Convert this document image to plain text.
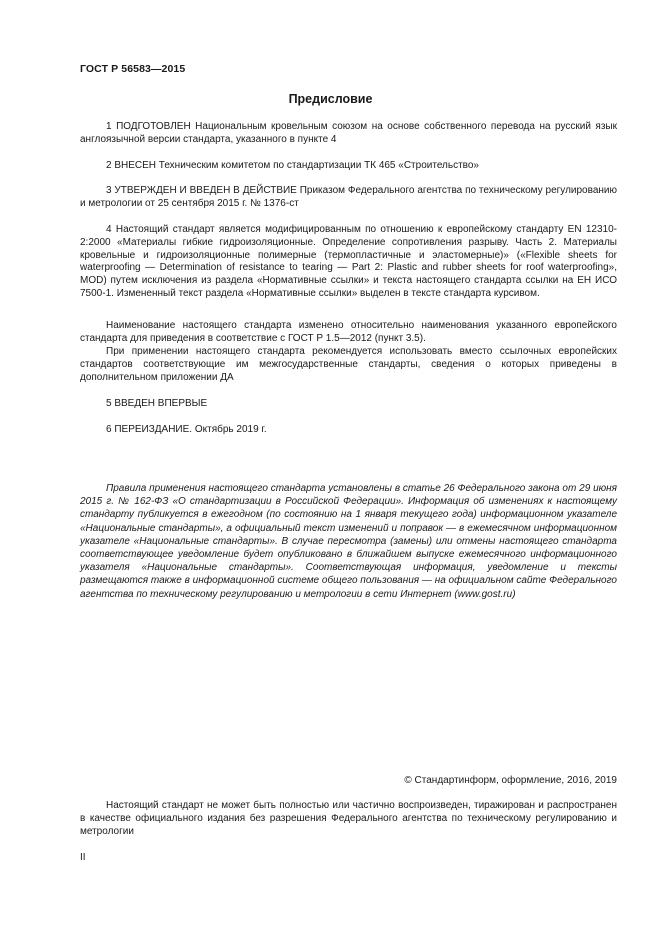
ГОСТ Р 56583—2015
Предисловие

1 ПОДГОТОВЛЕН Национальным кровельным союзом на основе собственного перевода на русский язык англоязычной версии стандарта, указанного в пункте 4

2 ВНЕСЕН Техническим комитетом по стандартизации ТК 465 «Строительство»

3 УТВЕРЖДЕН И ВВЕДЕН В ДЕЙСТВИЕ Приказом Федерального агентства по техническому регулированию и метрологии от 25 сентября 2015 г. № 1376-ст

4 Настоящий стандарт является модифицированным по отношению к европейскому стандарту EN 12310-2:2000 «Материалы гибкие гидроизоляционные. Определение сопротивления разрыву. Часть 2. Материалы кровельные и гидроизоляционные полимерные (термопластичные и эластомерные)» («Flexible sheets for waterproofing — Determination of resistance to tearing — Part 2: Plastic and rubber sheets for roof waterproofing», MOD) путем исключения из раздела «Нормативные ссылки» и текста настоящего стандарта ссылки на ЕН ИСО 7500-1. Измененный текст раздела «Нормативные ссылки» выделен в тексте стандарта курсивом.

Наименование настоящего стандарта изменено относительно наименования указанного европейского стандарта для приведения в соответствие с ГОСТ Р 1.5—2012 (пункт 3.5).

При применении настоящего стандарта рекомендуется использовать вместо ссылочных европейских стандартов соответствующие им межгосударственные стандарты, сведения о которых приведены в дополнительном приложении ДА

5 ВВЕДЕН ВПЕРВЫЕ

6 ПЕРЕИЗДАНИЕ. Октябрь 2019 г.

Правила применения настоящего стандарта установлены в статье 26 Федерального закона от 29 июня 2015 г. № 162-ФЗ «О стандартизации в Российской Федерации». Информация об изменениях к настоящему стандарту публикуется в ежегодном (по состоянию на 1 января текущего года) информационном указателе «Национальные стандарты», а официальный текст изменений и поправок — в ежемесячном информационном указателе «Национальные стандарты». В случае пересмотра (замены) или отмены настоящего стандарта соответствующее уведомление будет опубликовано в ближайшем выпуске ежемесячного информационного указателя «Национальные стандарты». Соответствующая информация, уведомление и тексты размещаются также в информационной системе общего пользования — на официальном сайте Федерального агентства по техническому регулированию и метрологии в сети Интернет (www.gost.ru)

© Стандартинформ, оформление, 2016, 2019

Настоящий стандарт не может быть полностью или частично воспроизведен, тиражирован и распространен в качестве официального издания без разрешения Федерального агентства по техническому регулированию и метрологии

II
